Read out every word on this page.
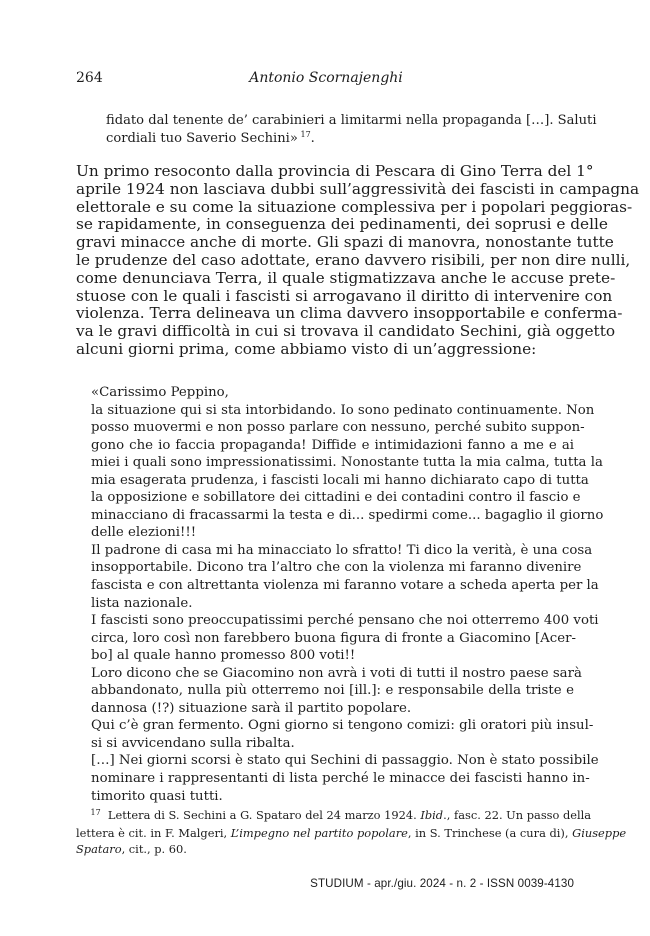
264	Antonio Scornajenghi
fidato dal tenente de’ carabinieri a limitarmi nella propaganda […]. Saluti
cordiali tuo Saverio Sechini»  $^{17}$.
Un primo resoconto dalla provincia di Pescara di Gino Terra del 1°
aprile 1924 non lasciava dubbi sull’aggressività dei fascisti in campagna
elettorale e su come la situazione complessiva per i popolari peggioras-
se rapidamente, in conseguenza dei pedinamenti, dei soprusi e delle
gravi minacce anche di morte. Gli spazi di manovra, nonostante tutte
le prudenze del caso adottate, erano davvero risibili, per non dire nulli,
come denunciava Terra, il quale stigmatizzava anche le accuse prete-
stuose con le quali i fascisti si arrogavano il diritto di intervenire con
violenza. Terra delineava un clima davvero insopportabile e conferma-
va le gravi difficoltà in cui si trovava il candidato Sechini, già oggetto
alcuni giorni prima, come abbiamo visto di un’aggressione:
«Carissimo Peppino,
la situazione qui si sta intorbidando. Io sono pedinato continuamente. Non
posso muovermi e non posso parlare con nessuno, perché subito suppon-
gono che io faccia propaganda! Diffide e intimidazioni fanno a me e ai
miei i quali sono impressionatissimi. Nonostante tutta la mia calma, tutta la
mia esagerata prudenza, i fascisti locali mi hanno dichiarato capo di tutta
la opposizione e sobillatore dei cittadini e dei contadini contro il fascio e
minacciano di fracassarmi la testa e di... spedirmi come... bagaglio il giorno
delle elezioni!!!
Il padrone di casa mi ha minacciato lo sfratto! Ti dico la verità, è una cosa
insopportabile. Dicono tra l’altro che con la violenza mi faranno divenire
fascista e con altrettanta violenza mi faranno votare a scheda aperta per la
lista nazionale.
I fascisti sono preoccupatissimi perché pensano che noi otterremo 400 voti
circa, loro così non farebbero buona figura di fronte a Giacomino [Acer-
bo] al quale hanno promesso 800 voti!!
Loro dicono che se Giacomino non avrà i voti di tutti il nostro paese sarà
abbandonato, nulla più otterremo noi [ill.]: e responsabile della triste e
dannosa (!?) situazione sarà il partito popolare.
Qui c’è gran fermento. Ogni giorno si tengono comizi: gli oratori più insul-
si si avvicendano sulla ribalta.
[…] Nei giorni scorsi è stato qui Sechini di passaggio. Non è stato possibile
nominare i rappresentanti di lista perché le minacce dei fascisti hanno in-
timorito quasi tutti.
$^{17}$ Lettera di S. Sechini a G. Spataro del 24 marzo 1924. Ibid., fasc. 22. Un passo della
lettera è cit. in F. Malgeri, L’impegno nel partito popolare, in S. Trinchese (a cura di), Giuseppe
Spataro, cit., p. 60.
STUDIUM - apr./giu. 2024 - n. 2 - ISSN 0039-4130
